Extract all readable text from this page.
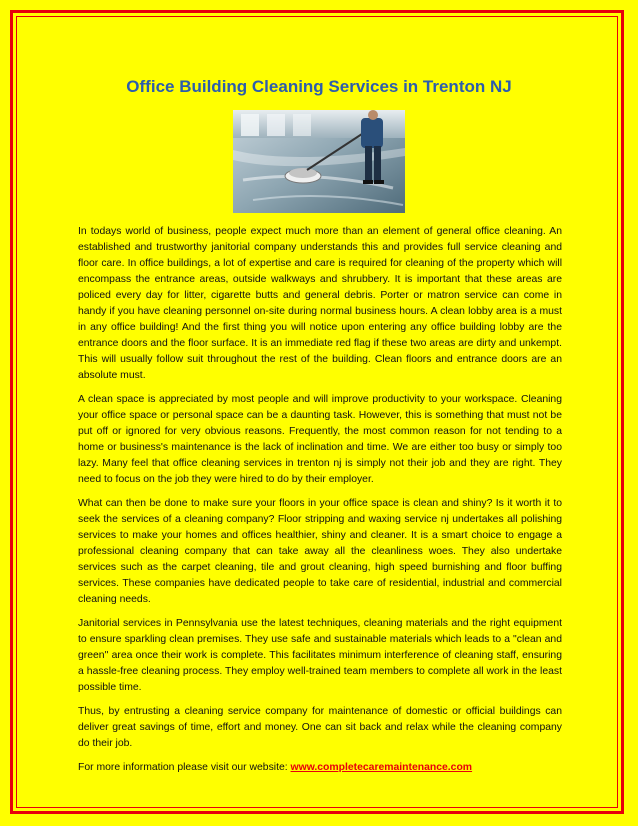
Office Building Cleaning Services in Trenton NJ

In todays world of business, people expect much more than an element of general office cleaning. An established and trustworthy janitorial company understands this and provides full service cleaning and floor care. In office buildings, a lot of expertise and care is required for cleaning of the property which will encompass the entrance areas, outside walkways and shrubbery. It is important that these areas are policed every day for litter, cigarette butts and general debris. Porter or matron service can come in handy if you have cleaning personnel on-site during normal business hours. A clean lobby area is a must in any office building! And the first thing you will notice upon entering any office building lobby are the entrance doors and the floor surface. It is an immediate red flag if these two areas are dirty and unkempt. This will usually follow suit throughout the rest of the building. Clean floors and entrance doors are an absolute must.

A clean space is appreciated by most people and will improve productivity to your workspace. Cleaning your office space or personal space can be a daunting task. However, this is something that must not be put off or ignored for very obvious reasons. Frequently, the most common reason for not tending to a home or business's maintenance is the lack of inclination and time. We are either too busy or simply too lazy. Many feel that office cleaning services in trenton nj is simply not their job and they are right. They need to focus on the job they were hired to do by their employer.

What can then be done to make sure your floors in your office space is clean and shiny? Is it worth it to seek the services of a cleaning company? Floor stripping and waxing service nj undertakes all polishing services to make your homes and offices healthier, shiny and cleaner. It is a smart choice to engage a professional cleaning company that can take away all the cleanliness woes. They also undertake services such as the carpet cleaning, tile and grout cleaning, high speed burnishing and floor buffing services. These companies have dedicated people to take care of residential, industrial and commercial cleaning needs.

Janitorial services in Pennsylvania use the latest techniques, cleaning materials and the right equipment to ensure sparkling clean premises. They use safe and sustainable materials which leads to a "clean and green" area once their work is complete. This facilitates minimum interference of cleaning staff, ensuring a hassle-free cleaning process. They employ well-trained team members to complete all work in the least possible time.

Thus, by entrusting a cleaning service company for maintenance of domestic or official buildings can deliver great savings of time, effort and money. One can sit back and relax while the cleaning company do their job.

For more information please visit our website: www.completecaremaintenance.com
